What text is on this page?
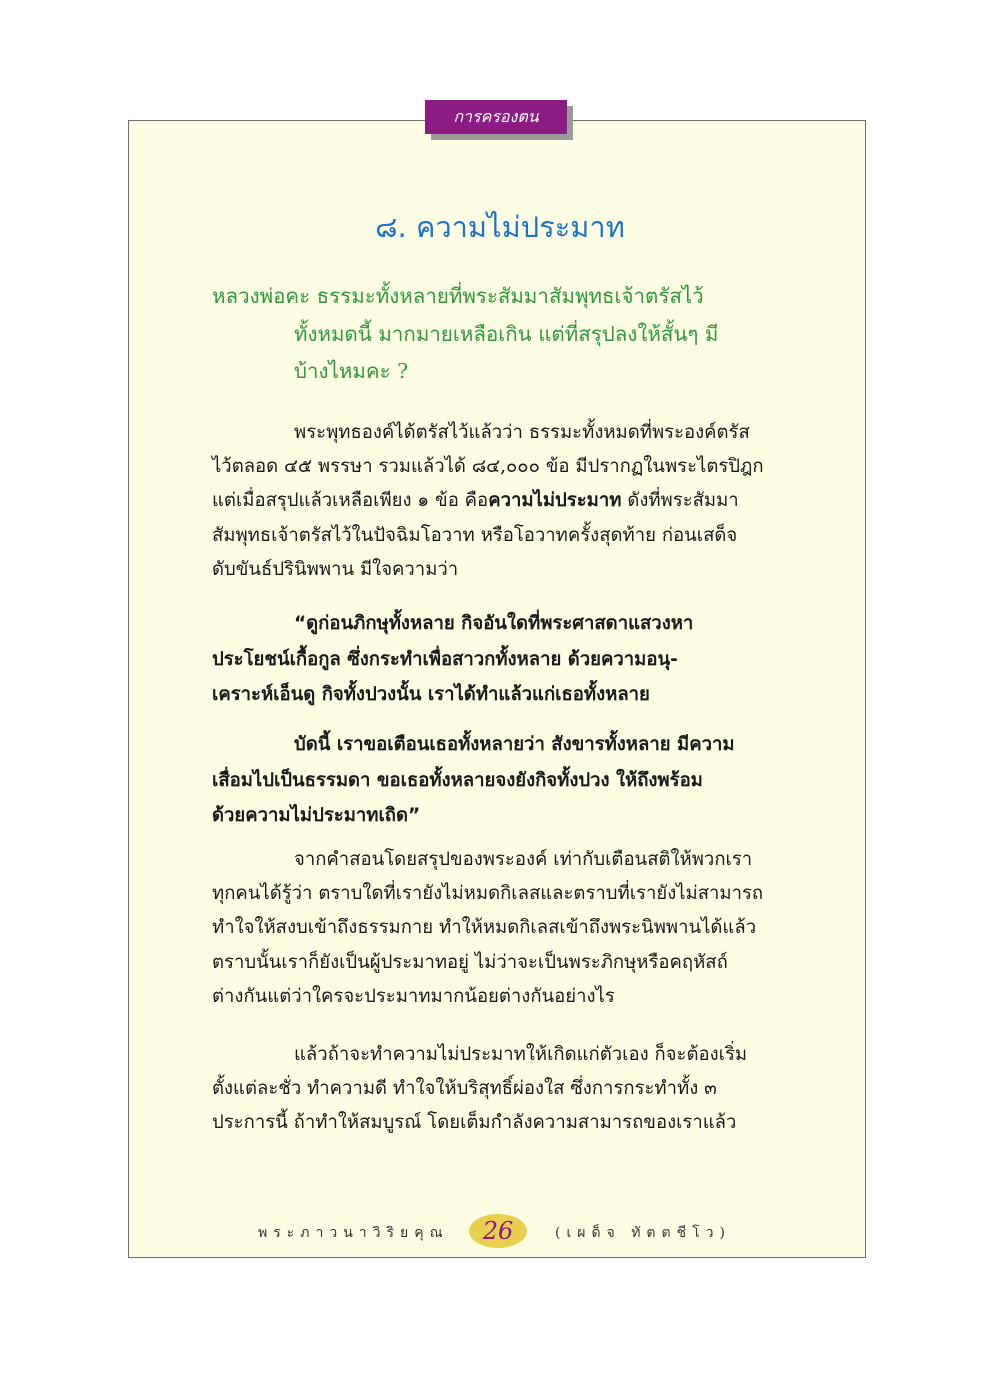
การครองตน
๘. ความไม่ประมาท
หลวงพ่อคะ ธรรมะทั้งหลายที่พระสัมมาสัมพุทธเจ้าตรัสไว้
ทั้งหมดนี้ มากมายเหลือเกิน แต่ที่สรุปลงให้สั้นๆ มี
บ้างไหมคะ ?
พระพุทธองค์ได้ตรัสไว้แล้วว่า ธรรมะทั้งหมดที่พระองค์ตรัส
ไว้ตลอด ๔๕ พรรษา รวมแล้วได้ ๘๔,๐๐๐ ข้อ มีปรากฏในพระไตรปิฎก
แต่เมื่อสรุปแล้วเหลือเพียง ๑ ข้อ คือความไม่ประมาท ดังที่พระสัมมา
สัมพุทธเจ้าตรัสไว้ในปัจฉิมโอวาท หรือโอวาทครั้งสุดท้าย ก่อนเสด็จ
ดับขันธ์ปรินิพพาน มีใจความว่า
“ดูก่อนภิกษุทั้งหลาย กิจอันใดที่พระศาสดาแสวงหา
ประโยชน์เกื้อกูล ซึ่งกระทำเพื่อสาวกทั้งหลาย ด้วยความอนุ-
เคราะห์เอ็นดู กิจทั้งปวงนั้น เราได้ทำแล้วแก่เธอทั้งหลาย
บัดนี้ เราขอเตือนเธอทั้งหลายว่า สังขารทั้งหลาย มีความ
เสื่อมไปเป็นธรรมดา ขอเธอทั้งหลายจงยังกิจทั้งปวง ให้ถึงพร้อม
ด้วยความไม่ประมาทเถิด”
จากคำสอนโดยสรุปของพระองค์ เท่ากับเตือนสติให้พวกเรา
ทุกคนได้รู้ว่า ตราบใดที่เรายังไม่หมดกิเลสและตราบที่เรายังไม่สามารถ
ทำใจให้สงบเข้าถึงธรรมกาย ทำให้หมดกิเลสเข้าถึงพระนิพพานได้แล้ว
ตราบนั้นเราก็ยังเป็นผู้ประมาทอยู่ ไม่ว่าจะเป็นพระภิกษุหรือคฤหัสถ์
ต่างกันแต่ว่าใครจะประมาทมากน้อยต่างกันอย่างไร
แล้วถ้าจะทำความไม่ประมาทให้เกิดแก่ตัวเอง ก็จะต้องเริ่ม
ตั้งแต่ละชั่ว ทำความดี ทำใจให้บริสุทธิ์ผ่องใส ซึ่งการกระทำทั้ง ๓
ประการนี้ ถ้าทำให้สมบูรณ์ โดยเต็มกำลังความสามารถของเราแล้ว
พระภาวนาวิริยคุณ	26	(เผด็จ ทัตตชีโว)
